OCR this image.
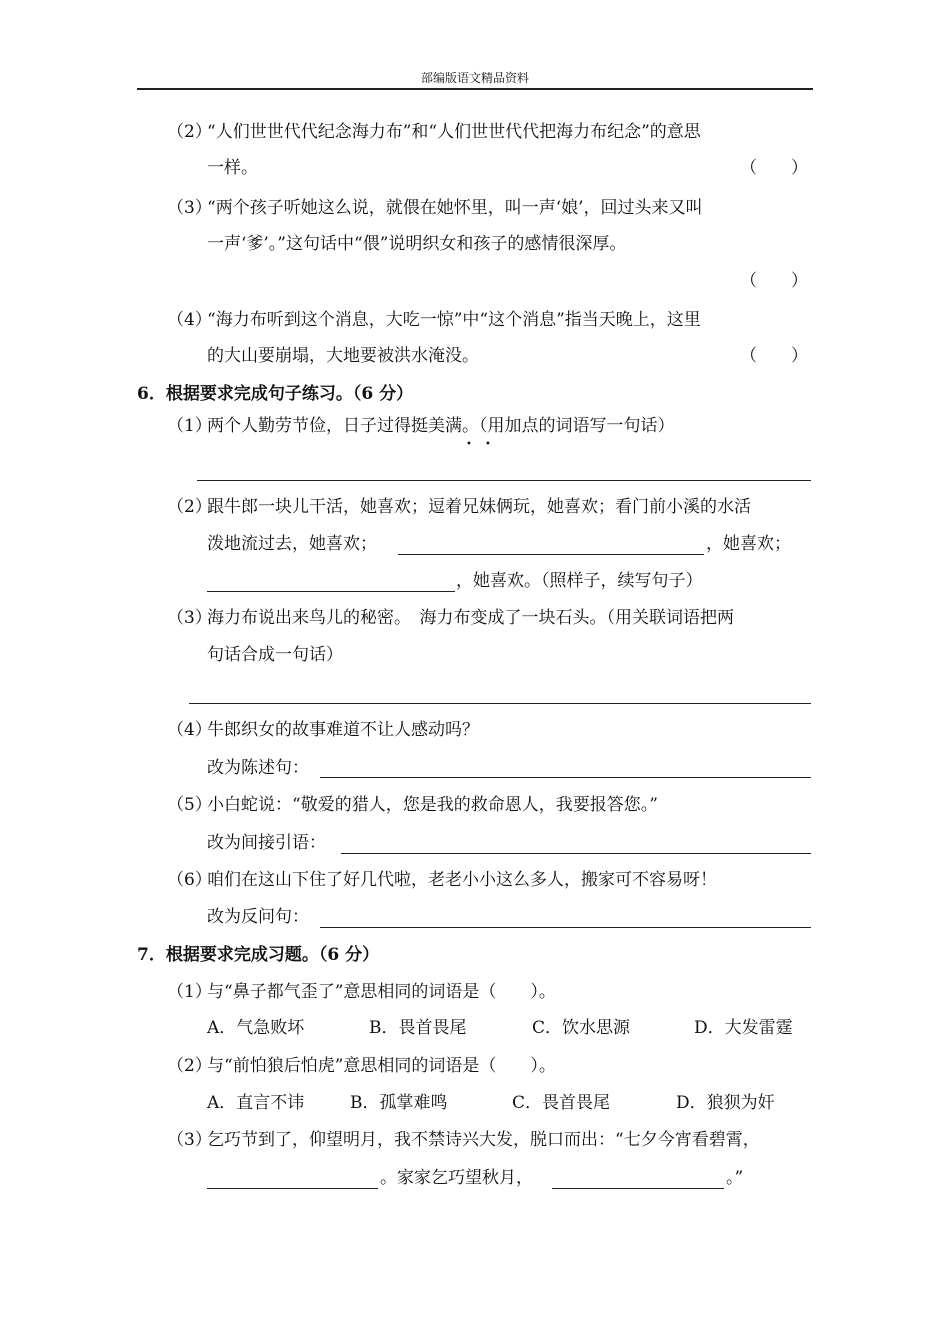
部编版语文精品资料
（2）
“人们世世代代纪念海力布”和“人们世世代代把海力布纪念”的意思
一样。	（　　）
（3）
“两个孩子听她这么说，就偎在她怀里，叫一声‘娘’，回过头来又叫
一声‘爹’。”这句话中“偎”说明织女和孩子的感情很深厚。
（　　）
（4）
“海力布听到这个消息，大吃一惊”中“这个消息”指当天晚上，这里
的大山要崩塌，大地要被洪水淹没。	（　　）
6．根据要求完成句子练习。（6 分）
（1）
两个人勤劳节俭，日子过得挺美满。（用加点的词语写一句话）
• •
（2）
跟牛郎一块儿干活，她喜欢；逗着兄妹俩玩，她喜欢；看门前小溪的水活
泼地流过去，她喜欢；	，她喜欢；
，她喜欢。（照样子，续写句子）
（3）
海力布说出来鸟儿的秘密。　海力布变成了一块石头。（用关联词语把两
句话合成一句话）
（4）
牛郎织女的故事难道不让人感动吗？
改为陈述句：
（5）
小白蛇说：“敬爱的猎人，您是我的救命恩人，我要报答您。”
改为间接引语：
（6）
咱们在这山下住了好几代啦，老老小小这么多人，搬家可不容易呀！
改为反问句：
7．根据要求完成习题。（6 分）
（1）
与“鼻子都气歪了”意思相同的词语是（　　）。
A．气急败坏	B．畏首畏尾	C．饮水思源	D．大发雷霆
（2）
与“前怕狼后怕虎”意思相同的词语是（　　）。
A．直言不讳	B．孤掌难鸣	C．畏首畏尾	D．狼狈为奸
（3）
乞巧节到了，仰望明月，我不禁诗兴大发，脱口而出：“七夕今宵看碧霄，
。家家乞巧望秋月，	。”
